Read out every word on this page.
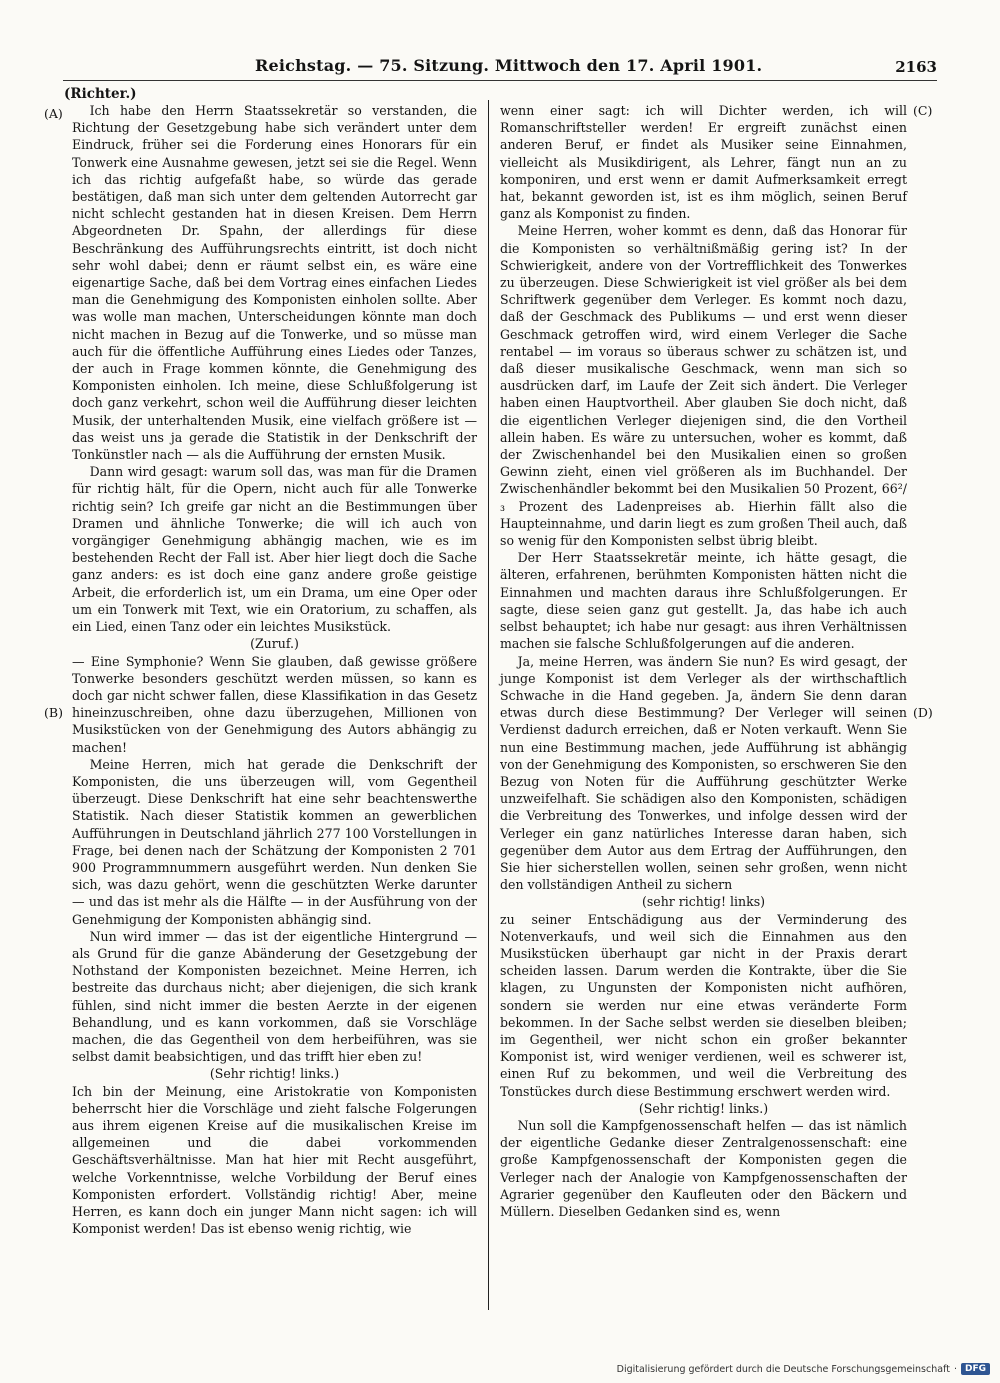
Reichstag. — 75. Sitzung. Mittwoch den 17. April 1901.	2163
(Richter.)
(A)
(B)
(C)
(D)

Ich habe den Herrn Staatssekretär so verstanden, die Richtung der Gesetzgebung habe sich verändert unter dem Eindruck, früher sei die Forderung eines Honorars für ein Tonwerk eine Ausnahme gewesen, jetzt sei sie die Regel. Wenn ich das richtig aufgefaßt habe, so würde das gerade bestätigen, daß man sich unter dem geltenden Autorrecht gar nicht schlecht gestanden hat in diesen Kreisen. Dem Herrn Abgeordneten Dr. Spahn, der allerdings für diese Beschränkung des Aufführungsrechts eintritt, ist doch nicht sehr wohl dabei; denn er räumt selbst ein, es wäre eine eigenartige Sache, daß bei dem Vortrag eines einfachen Liedes man die Genehmigung des Komponisten einholen sollte. Aber was wolle man machen, Unterscheidungen könnte man doch nicht machen in Bezug auf die Tonwerke, und so müsse man auch für die öffentliche Aufführung eines Liedes oder Tanzes, der auch in Frage kommen könnte, die Genehmigung des Komponisten einholen. Ich meine, diese Schlußfolgerung ist doch ganz verkehrt, schon weil die Aufführung dieser leichten Musik, der unterhaltenden Musik, eine vielfach größere ist — das weist uns ja gerade die Statistik in der Denkschrift der Tonkünstler nach — als die Aufführung der ernsten Musik.

Dann wird gesagt: warum soll das, was man für die Dramen für richtig hält, für die Opern, nicht auch für alle Tonwerke richtig sein? Ich greife gar nicht an die Bestimmungen über Dramen und ähnliche Tonwerke; die will ich auch von vorgängiger Genehmigung abhängig machen, wie es im bestehenden Recht der Fall ist. Aber hier liegt doch die Sache ganz anders: es ist doch eine ganz andere große geistige Arbeit, die erforderlich ist, um ein Drama, um eine Oper oder um ein Tonwerk mit Text, wie ein Oratorium, zu schaffen, als ein Lied, einen Tanz oder ein leichtes Musikstück.

(Zuruf.)

— Eine Symphonie? Wenn Sie glauben, daß gewisse größere Tonwerke besonders geschützt werden müssen, so kann es doch gar nicht schwer fallen, diese Klassifikation in das Gesetz hineinzuschreiben, ohne dazu überzugehen, Millionen von Musikstücken von der Genehmigung des Autors abhängig zu machen!

Meine Herren, mich hat gerade die Denkschrift der Komponisten, die uns überzeugen will, vom Gegentheil überzeugt. Diese Denkschrift hat eine sehr beachtenswerthe Statistik. Nach dieser Statistik kommen an gewerblichen Aufführungen in Deutschland jährlich 277 100 Vorstellungen in Frage, bei denen nach der Schätzung der Komponisten 2 701 900 Programmnummern ausgeführt werden. Nun denken Sie sich, was dazu gehört, wenn die geschützten Werke darunter — und das ist mehr als die Hälfte — in der Ausführung von der Genehmigung der Komponisten abhängig sind.

Nun wird immer — das ist der eigentliche Hintergrund — als Grund für die ganze Abänderung der Gesetzgebung der Nothstand der Komponisten bezeichnet. Meine Herren, ich bestreite das durchaus nicht; aber diejenigen, die sich krank fühlen, sind nicht immer die besten Aerzte in der eigenen Behandlung, und es kann vorkommen, daß sie Vorschläge machen, die das Gegentheil von dem herbeiführen, was sie selbst damit beabsichtigen, und das trifft hier eben zu!

(Sehr richtig! links.)

Ich bin der Meinung, eine Aristokratie von Komponisten beherrscht hier die Vorschläge und zieht falsche Folgerungen aus ihrem eigenen Kreise auf die musikalischen Kreise im allgemeinen und die dabei vorkommenden Geschäftsverhältnisse. Man hat hier mit Recht ausgeführt, welche Vorkenntnisse, welche Vorbildung der Beruf eines Komponisten erfordert. Vollständig richtig! Aber, meine Herren, es kann doch ein junger Mann nicht sagen: ich will Komponist werden! Das ist ebenso wenig richtig, wie

wenn einer sagt: ich will Dichter werden, ich will Romanschriftsteller werden! Er ergreift zunächst einen anderen Beruf, er findet als Musiker seine Einnahmen, vielleicht als Musikdirigent, als Lehrer, fängt nun an zu komponiren, und erst wenn er damit Aufmerksamkeit erregt hat, bekannt geworden ist, ist es ihm möglich, seinen Beruf ganz als Komponist zu finden.

Meine Herren, woher kommt es denn, daß das Honorar für die Komponisten so verhältnißmäßig gering ist? In der Schwierigkeit, andere von der Vortrefflichkeit des Tonwerkes zu überzeugen. Diese Schwierigkeit ist viel größer als bei dem Schriftwerk gegenüber dem Verleger. Es kommt noch dazu, daß der Geschmack des Publikums — und erst wenn dieser Geschmack getroffen wird, wird einem Verleger die Sache rentabel — im voraus so überaus schwer zu schätzen ist, und daß dieser musikalische Geschmack, wenn man sich so ausdrücken darf, im Laufe der Zeit sich ändert. Die Verleger haben einen Hauptvortheil. Aber glauben Sie doch nicht, daß die eigentlichen Verleger diejenigen sind, die den Vortheil allein haben. Es wäre zu untersuchen, woher es kommt, daß der Zwischenhandel bei den Musikalien einen so großen Gewinn zieht, einen viel größeren als im Buchhandel. Der Zwischenhändler bekommt bei den Musikalien 50 Prozent, 66²/₃ Prozent des Ladenpreises ab. Hierhin fällt also die Haupteinnahme, und darin liegt es zum großen Theil auch, daß so wenig für den Komponisten selbst übrig bleibt.

Der Herr Staatssekretär meinte, ich hätte gesagt, die älteren, erfahrenen, berühmten Komponisten hätten nicht die Einnahmen und machten daraus ihre Schlußfolgerungen. Er sagte, diese seien ganz gut gestellt. Ja, das habe ich auch selbst behauptet; ich habe nur gesagt: aus ihren Verhältnissen machen sie falsche Schlußfolgerungen auf die anderen.

Ja, meine Herren, was ändern Sie nun? Es wird gesagt, der junge Komponist ist dem Verleger als der wirthschaftlich Schwache in die Hand gegeben. Ja, ändern Sie denn daran etwas durch diese Bestimmung? Der Verleger will seinen Verdienst dadurch erreichen, daß er Noten verkauft. Wenn Sie nun eine Bestimmung machen, jede Aufführung ist abhängig von der Genehmigung des Komponisten, so erschweren Sie den Bezug von Noten für die Aufführung geschützter Werke unzweifelhaft. Sie schädigen also den Komponisten, schädigen die Verbreitung des Tonwerkes, und infolge dessen wird der Verleger ein ganz natürliches Interesse daran haben, sich gegenüber dem Autor aus dem Ertrag der Aufführungen, den Sie hier sicherstellen wollen, seinen sehr großen, wenn nicht den vollständigen Antheil zu sichern

(sehr richtig! links)

zu seiner Entschädigung aus der Verminderung des Notenverkaufs, und weil sich die Einnahmen aus den Musikstücken überhaupt gar nicht in der Praxis derart scheiden lassen. Darum werden die Kontrakte, über die Sie klagen, zu Ungunsten der Komponisten nicht aufhören, sondern sie werden nur eine etwas veränderte Form bekommen. In der Sache selbst werden sie dieselben bleiben; im Gegentheil, wer nicht schon ein großer bekannter Komponist ist, wird weniger verdienen, weil es schwerer ist, einen Ruf zu bekommen, und weil die Verbreitung des Tonstückes durch diese Bestimmung erschwert werden wird.

(Sehr richtig! links.)

Nun soll die Kampfgenossenschaft helfen — das ist nämlich der eigentliche Gedanke dieser Zentralgenossenschaft: eine große Kampfgenossenschaft der Komponisten gegen die Verleger nach der Analogie von Kampfgenossenschaften der Agrarier gegenüber den Kaufleuten oder den Bäckern und Müllern. Dieselben Gedanken sind es, wenn

Digitalisierung gefördert durch die Deutsche Forschungsgemeinschaft · DFG
